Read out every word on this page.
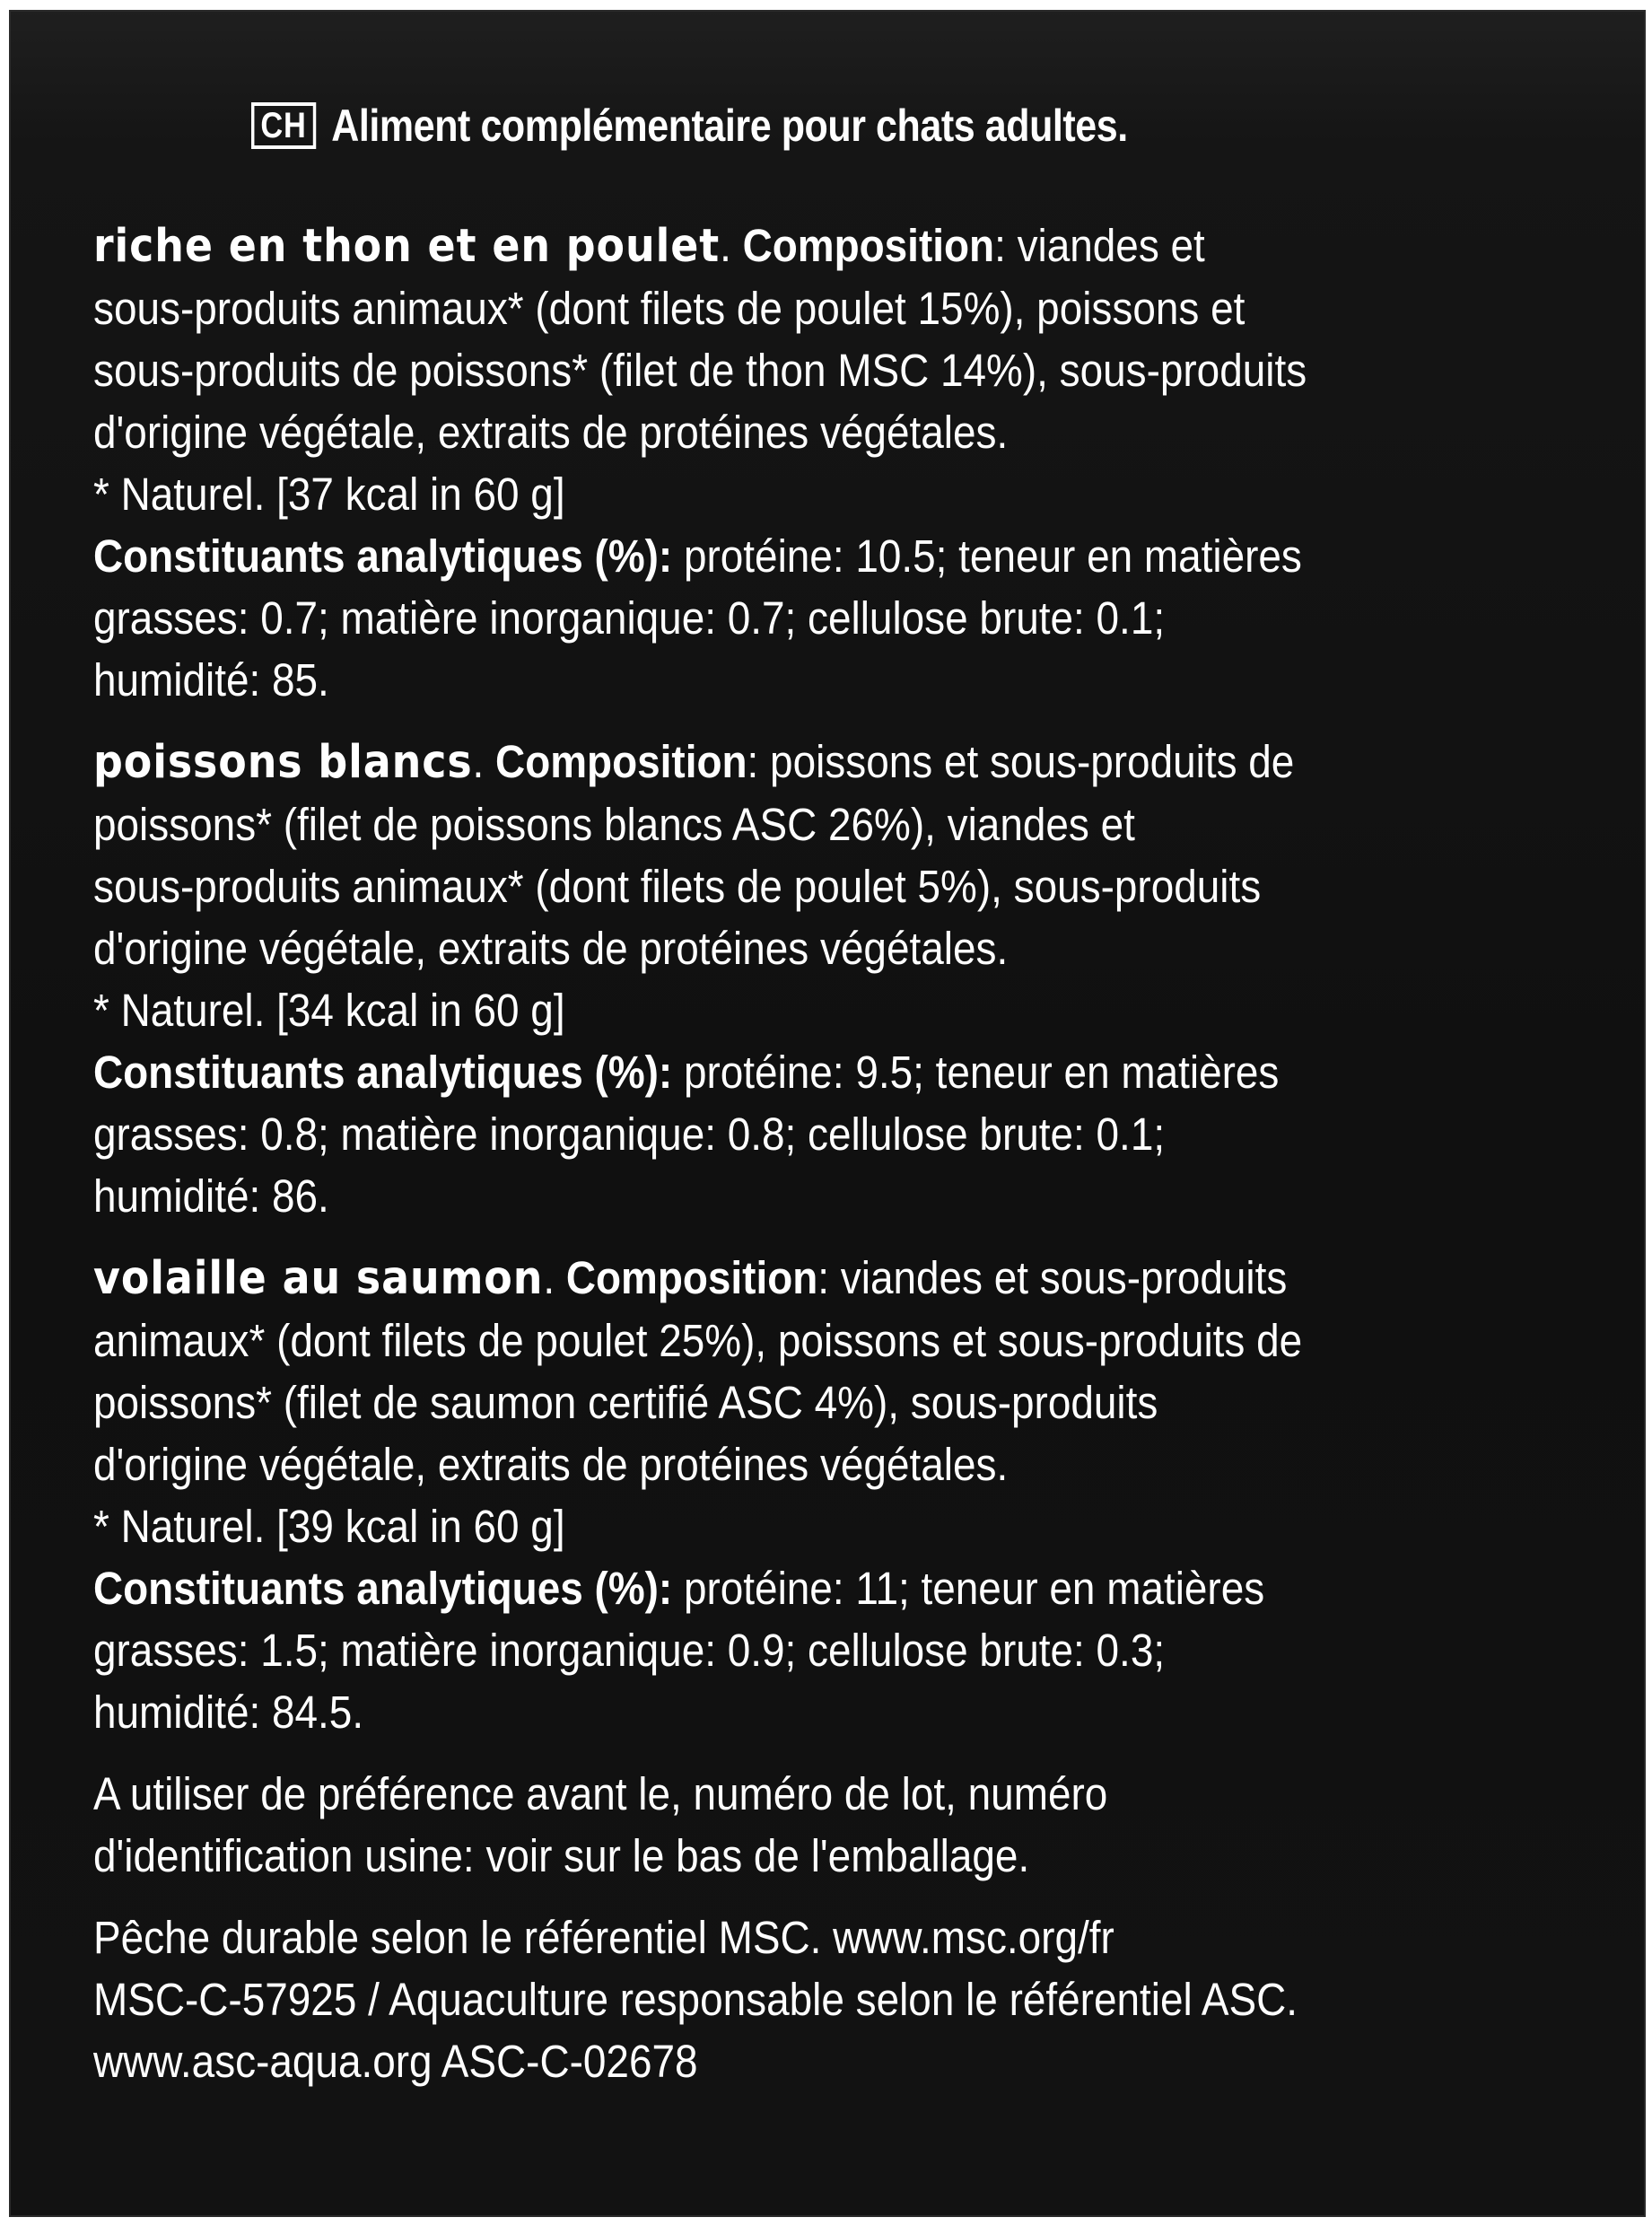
CH Aliment complémentaire pour chats adultes.
riche en thon et en poulet. Composition: viandes et
sous-produits animaux* (dont filets de poulet 15%), poissons et
sous-produits de poissons* (filet de thon MSC 14%), sous-produits
d'origine végétale, extraits de protéines végétales.
* Naturel. [37 kcal in 60 g]
Constituants analytiques (%): protéine: 10.5; teneur en matières
grasses: 0.7; matière inorganique: 0.7; cellulose brute: 0.1;
humidité: 85.
poissons blancs. Composition: poissons et sous-produits de
poissons* (filet de poissons blancs ASC 26%), viandes et
sous-produits animaux* (dont filets de poulet 5%), sous-produits
d'origine végétale, extraits de protéines végétales.
* Naturel. [34 kcal in 60 g]
Constituants analytiques (%): protéine: 9.5; teneur en matières
grasses: 0.8; matière inorganique: 0.8; cellulose brute: 0.1;
humidité: 86.
volaille au saumon. Composition: viandes et sous-produits
animaux* (dont filets de poulet 25%), poissons et sous-produits de
poissons* (filet de saumon certifié ASC 4%), sous-produits
d'origine végétale, extraits de protéines végétales.
* Naturel. [39 kcal in 60 g]
Constituants analytiques (%): protéine: 11; teneur en matières
grasses: 1.5; matière inorganique: 0.9; cellulose brute: 0.3;
humidité: 84.5.
A utiliser de préférence avant le, numéro de lot, numéro
d'identification usine: voir sur le bas de l'emballage.
Pêche durable selon le référentiel MSC. www.msc.org/fr
MSC-C-57925 / Aquaculture responsable selon le référentiel ASC.
www.asc-aqua.org ASC-C-02678
